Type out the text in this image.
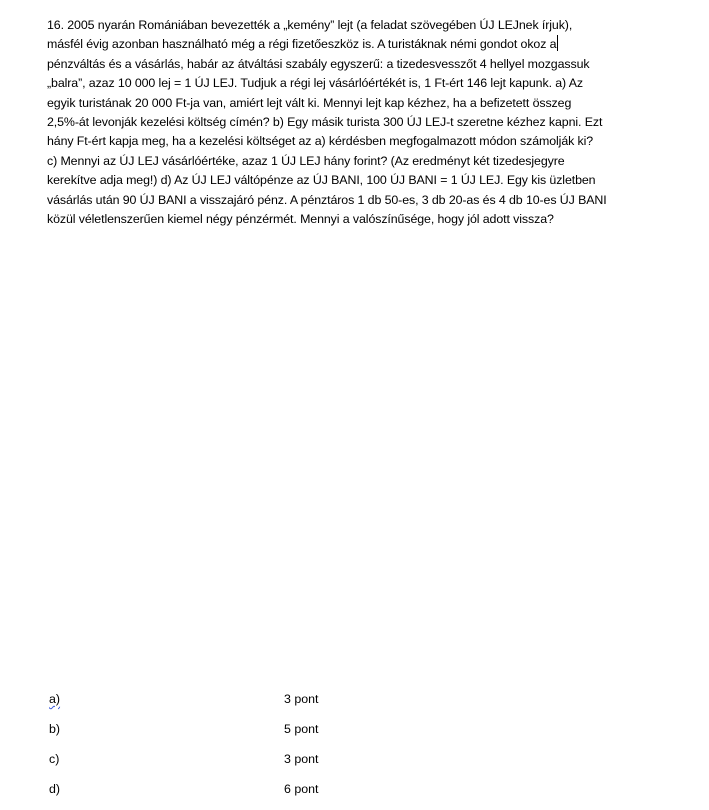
16. 2005 nyarán Romániában bevezették a „kemény” lejt (a feladat szövegében ÚJ LEJnek írjuk),
másfél évig azonban használható még a régi fizetőeszköz is. A turistáknak némi gondot okoz a
pénzváltás és a vásárlás, habár az átváltási szabály egyszerű: a tizedesvesszőt 4 hellyel mozgassuk
„balra”, azaz 10 000 lej = 1 ÚJ LEJ. Tudjuk a régi lej vásárlóértékét is, 1 Ft-ért 146 lejt kapunk. a) Az
egyik turistának 20 000 Ft-ja van, amiért lejt vált ki. Mennyi lejt kap kézhez, ha a befizetett összeg
2,5%-át levonják kezelési költség címén? b) Egy másik turista 300 ÚJ LEJ-t szeretne kézhez kapni. Ezt
hány Ft-ért kapja meg, ha a kezelési költséget az a) kérdésben megfogalmazott módon számolják ki?
c) Mennyi az ÚJ LEJ vásárlóértéke, azaz 1 ÚJ LEJ hány forint? (Az eredményt két tizedesjegyre
kerekítve adja meg!) d) Az ÚJ LEJ váltópénze az ÚJ BANI, 100 ÚJ BANI = 1 ÚJ LEJ. Egy kis üzletben
vásárlás után 90 ÚJ BANI a visszajáró pénz. A pénztáros 1 db 50-es, 3 db 20-as és 4 db 10-es ÚJ BANI
közül véletlenszerűen kiemel négy pénzérmét. Mennyi a valószínűsége, hogy jól adott vissza?
a)	3 pont
b)	5 pont
c)	3 pont
d)	6 pont
